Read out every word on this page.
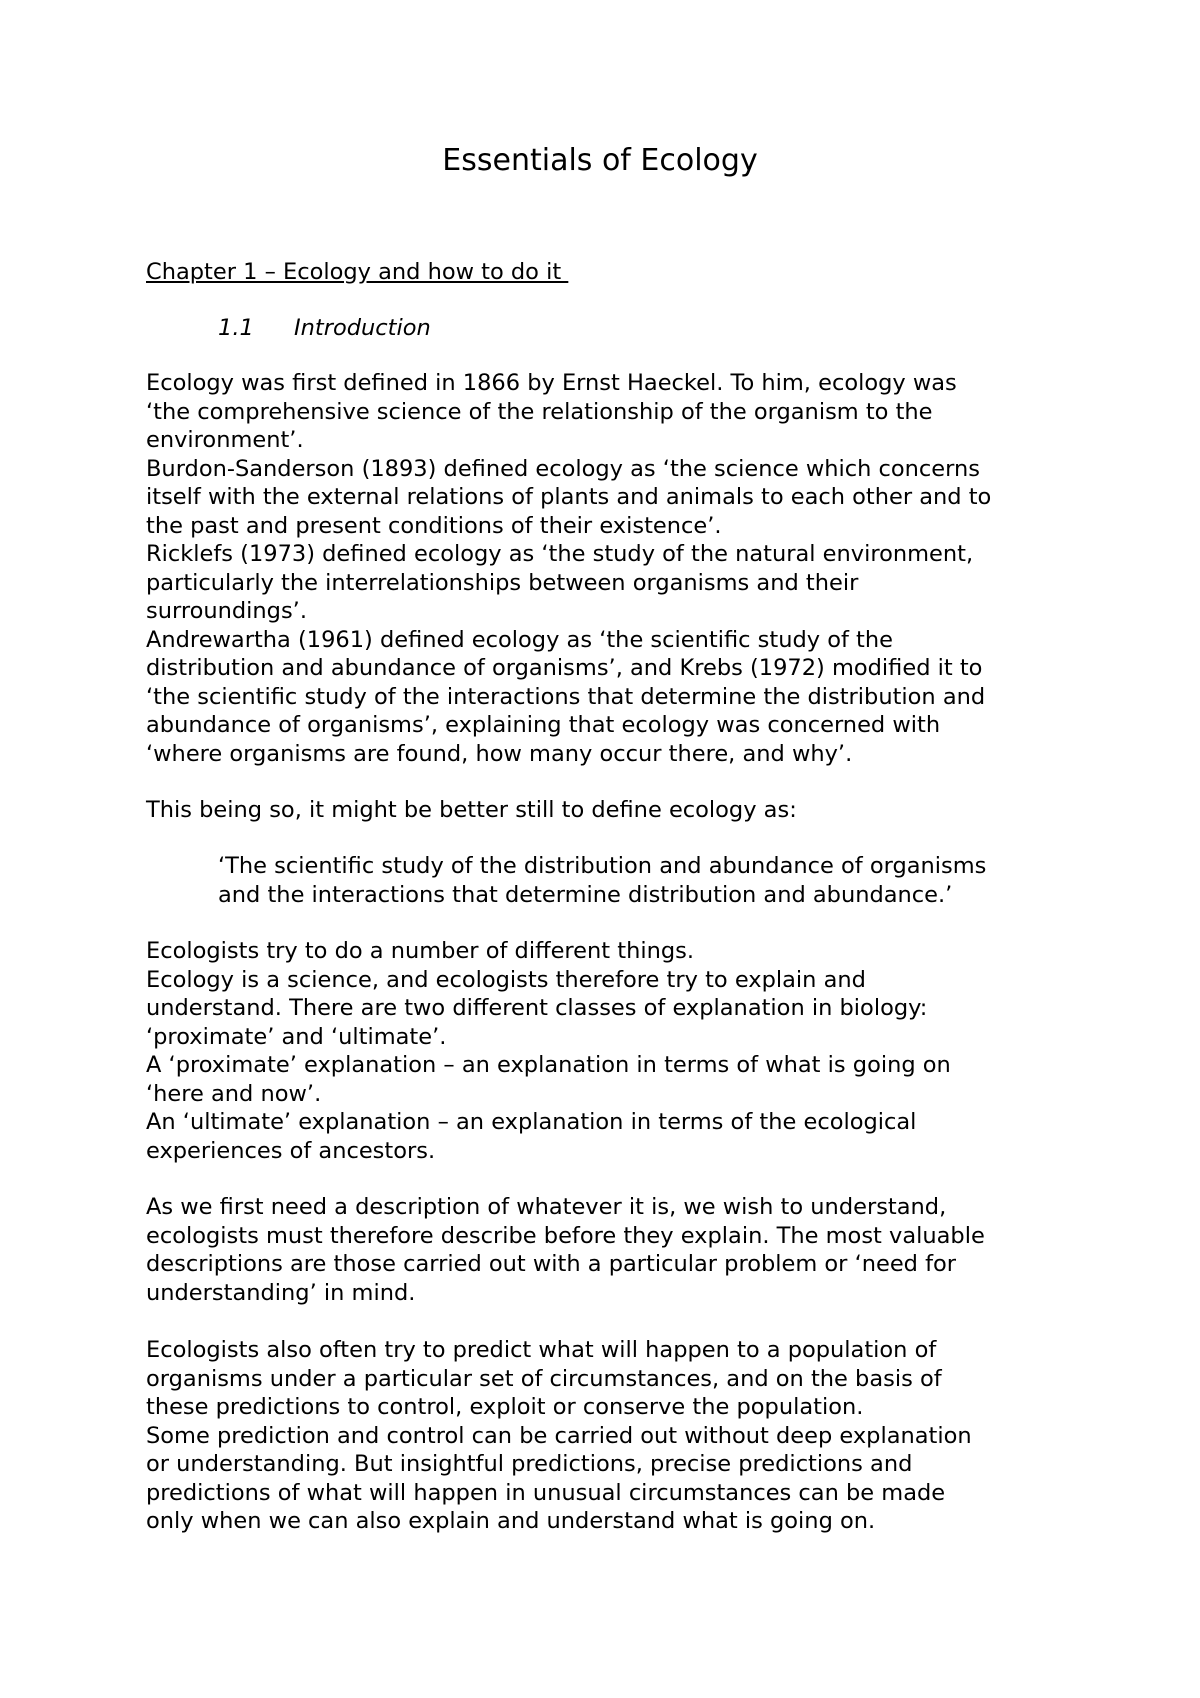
Essentials of Ecology
Chapter 1 – Ecology and how to do it
1.1 Introduction

Ecology was first defined in 1866 by Ernst Haeckel. To him, ecology was
‘the comprehensive science of the relationship of the organism to the
environment’.
Burdon-Sanderson (1893) defined ecology as ‘the science which concerns
itself with the external relations of plants and animals to each other and to
the past and present conditions of their existence’.
Ricklefs (1973) defined ecology as ‘the study of the natural environment,
particularly the interrelationships between organisms and their
surroundings’.
Andrewartha (1961) defined ecology as ‘the scientific study of the
distribution and abundance of organisms’, and Krebs (1972) modified it to
‘the scientific study of the interactions that determine the distribution and
abundance of organisms’, explaining that ecology was concerned with
‘where organisms are found, how many occur there, and why’.

This being so, it might be better still to define ecology as:

‘The scientific study of the distribution and abundance of organisms
and the interactions that determine distribution and abundance.’

Ecologists try to do a number of different things.
Ecology is a science, and ecologists therefore try to explain and
understand. There are two different classes of explanation in biology:
‘proximate’ and ‘ultimate’.
A ‘proximate’ explanation – an explanation in terms of what is going on
‘here and now’.
An ‘ultimate’ explanation – an explanation in terms of the ecological
experiences of ancestors.

As we first need a description of whatever it is, we wish to understand,
ecologists must therefore describe before they explain. The most valuable
descriptions are those carried out with a particular problem or ‘need for
understanding’ in mind.

Ecologists also often try to predict what will happen to a population of
organisms under a particular set of circumstances, and on the basis of
these predictions to control, exploit or conserve the population.
Some prediction and control can be carried out without deep explanation
or understanding. But insightful predictions, precise predictions and
predictions of what will happen in unusual circumstances can be made
only when we can also explain and understand what is going on.
